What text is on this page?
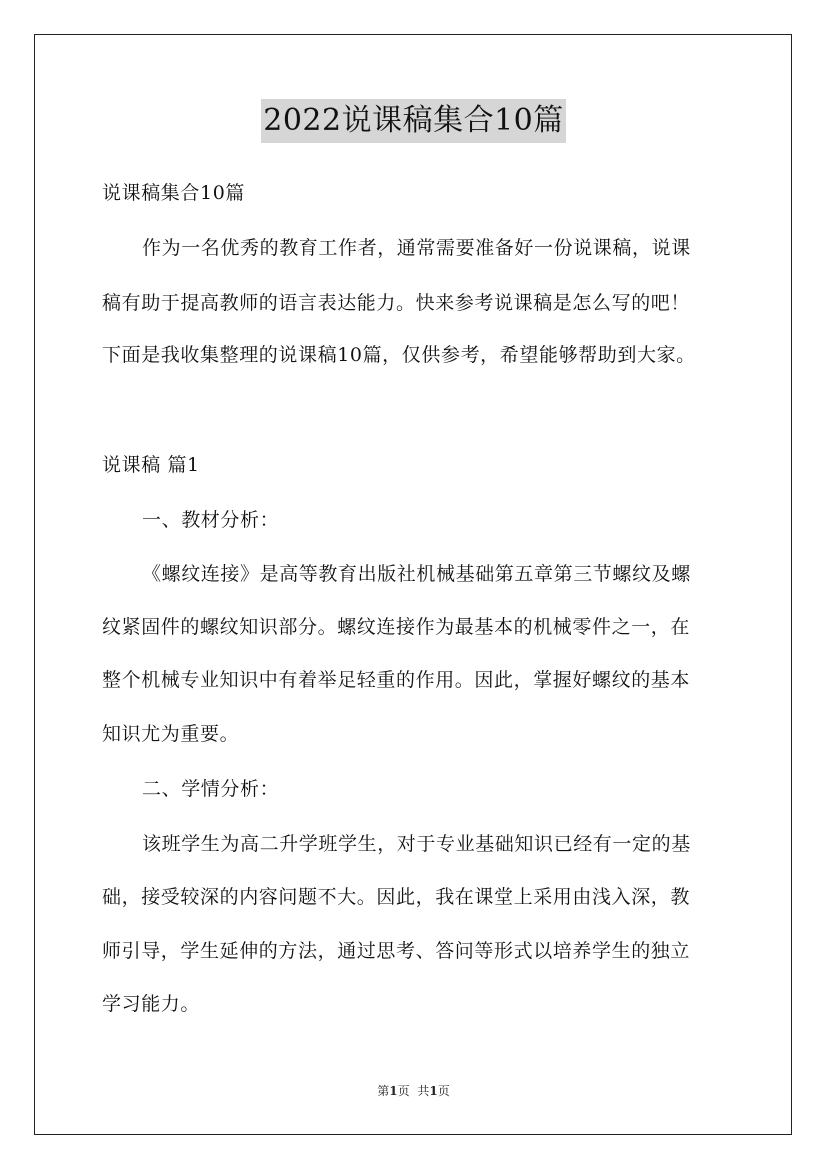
2022说课稿集合10篇
说课稿集合10篇
作为一名优秀的教育工作者，通常需要准备好一份说课稿，说课
稿有助于提高教师的语言表达能力。快来参考说课稿是怎么写的吧！
下面是我收集整理的说课稿10篇，仅供参考，希望能够帮助到大家。
说课稿 篇1
一、教材分析：
《螺纹连接》是高等教育出版社机械基础第五章第三节螺纹及螺
纹紧固件的螺纹知识部分。螺纹连接作为最基本的机械零件之一，在
整个机械专业知识中有着举足轻重的作用。因此，掌握好螺纹的基本
知识尤为重要。
二、学情分析：
该班学生为高二升学班学生，对于专业基础知识已经有一定的基
础，接受较深的内容问题不大。因此，我在课堂上采用由浅入深，教
师引导，学生延伸的方法，通过思考、答问等形式以培养学生的独立
学习能力。
第1页 共1页
